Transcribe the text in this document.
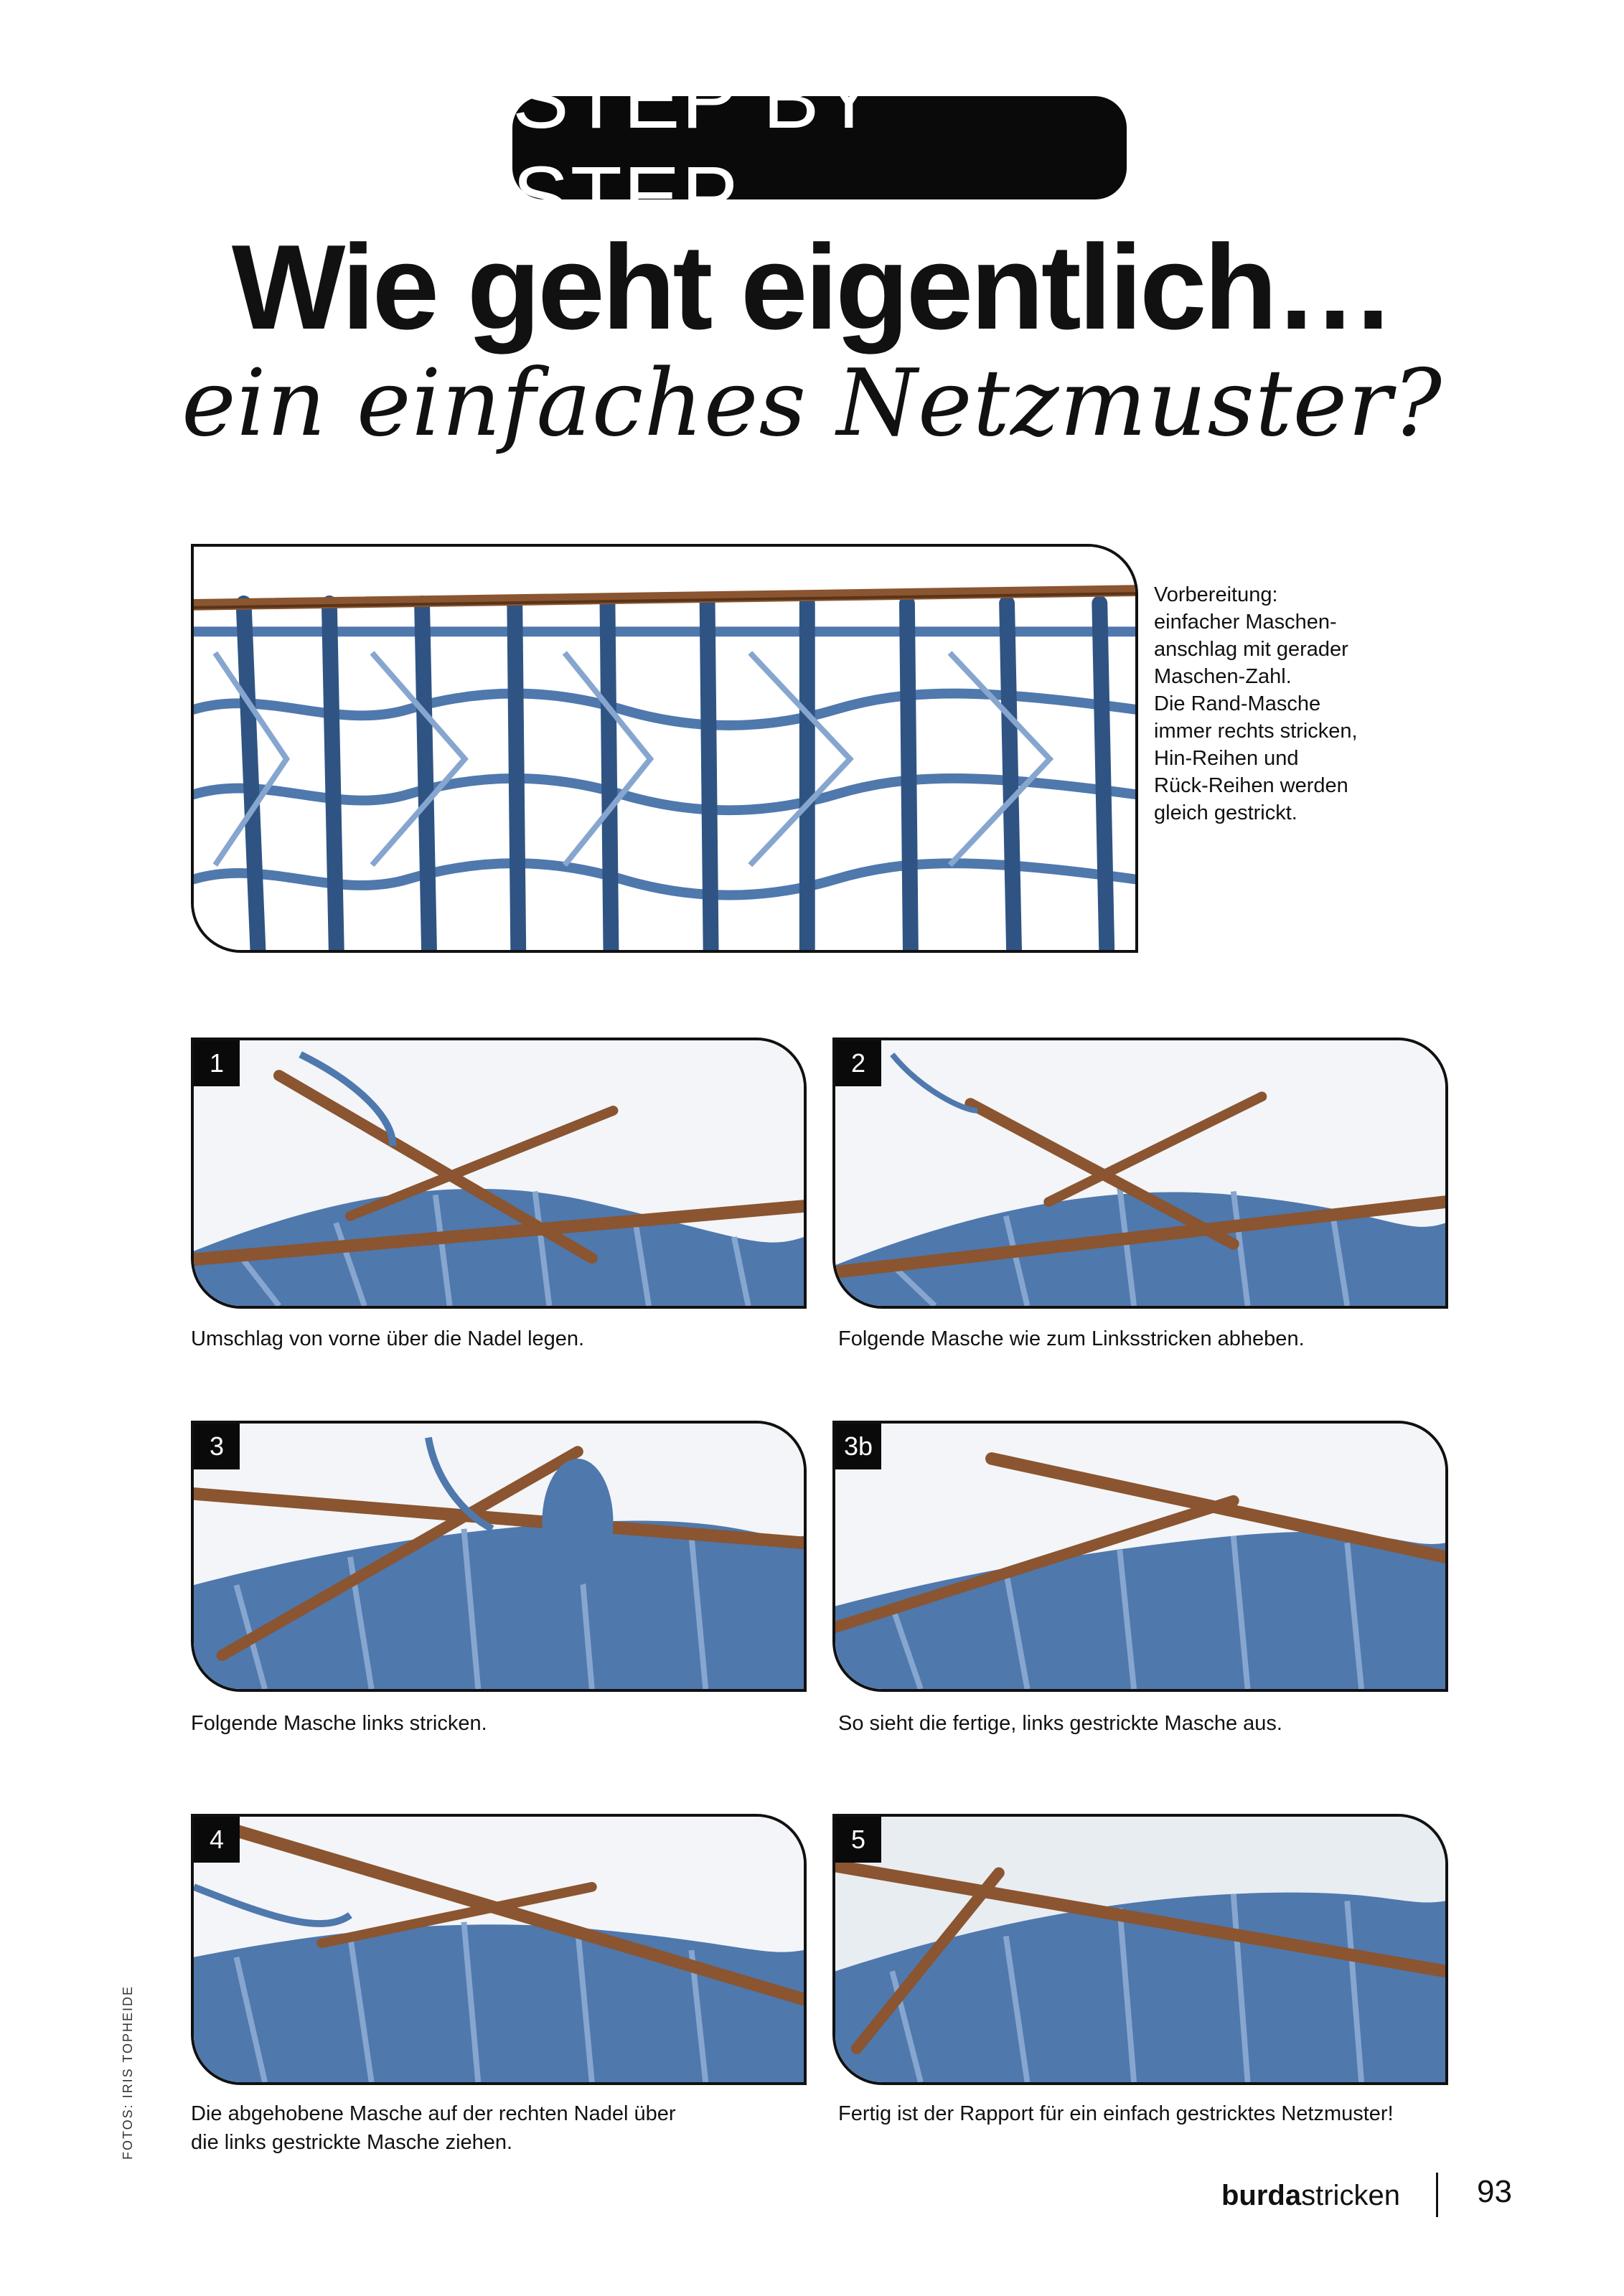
STEP BY STEP
Wie geht eigentlich…
ein einfaches Netzmuster?
Vorbereitung:
einfacher Maschen-
anschlag mit gerader
Maschen-Zahl.
Die Rand-Masche
immer rechts stricken,
Hin-Reihen und
Rück-Reihen werden
gleich gestrickt.
1
Umschlag von vorne über die Nadel legen.
2
Folgende Masche wie zum Linksstricken abheben.
3
Folgende Masche links stricken.
3b
So sieht die fertige, links gestrickte Masche aus.
4
Die abgehobene Masche auf der rechten Nadel über
die links gestrickte Masche ziehen.
5
Fertig ist der Rapport für ein einfach gestricktes Netzmuster!
FOTOS: IRIS TOPHEIDE
burdastricken 93
